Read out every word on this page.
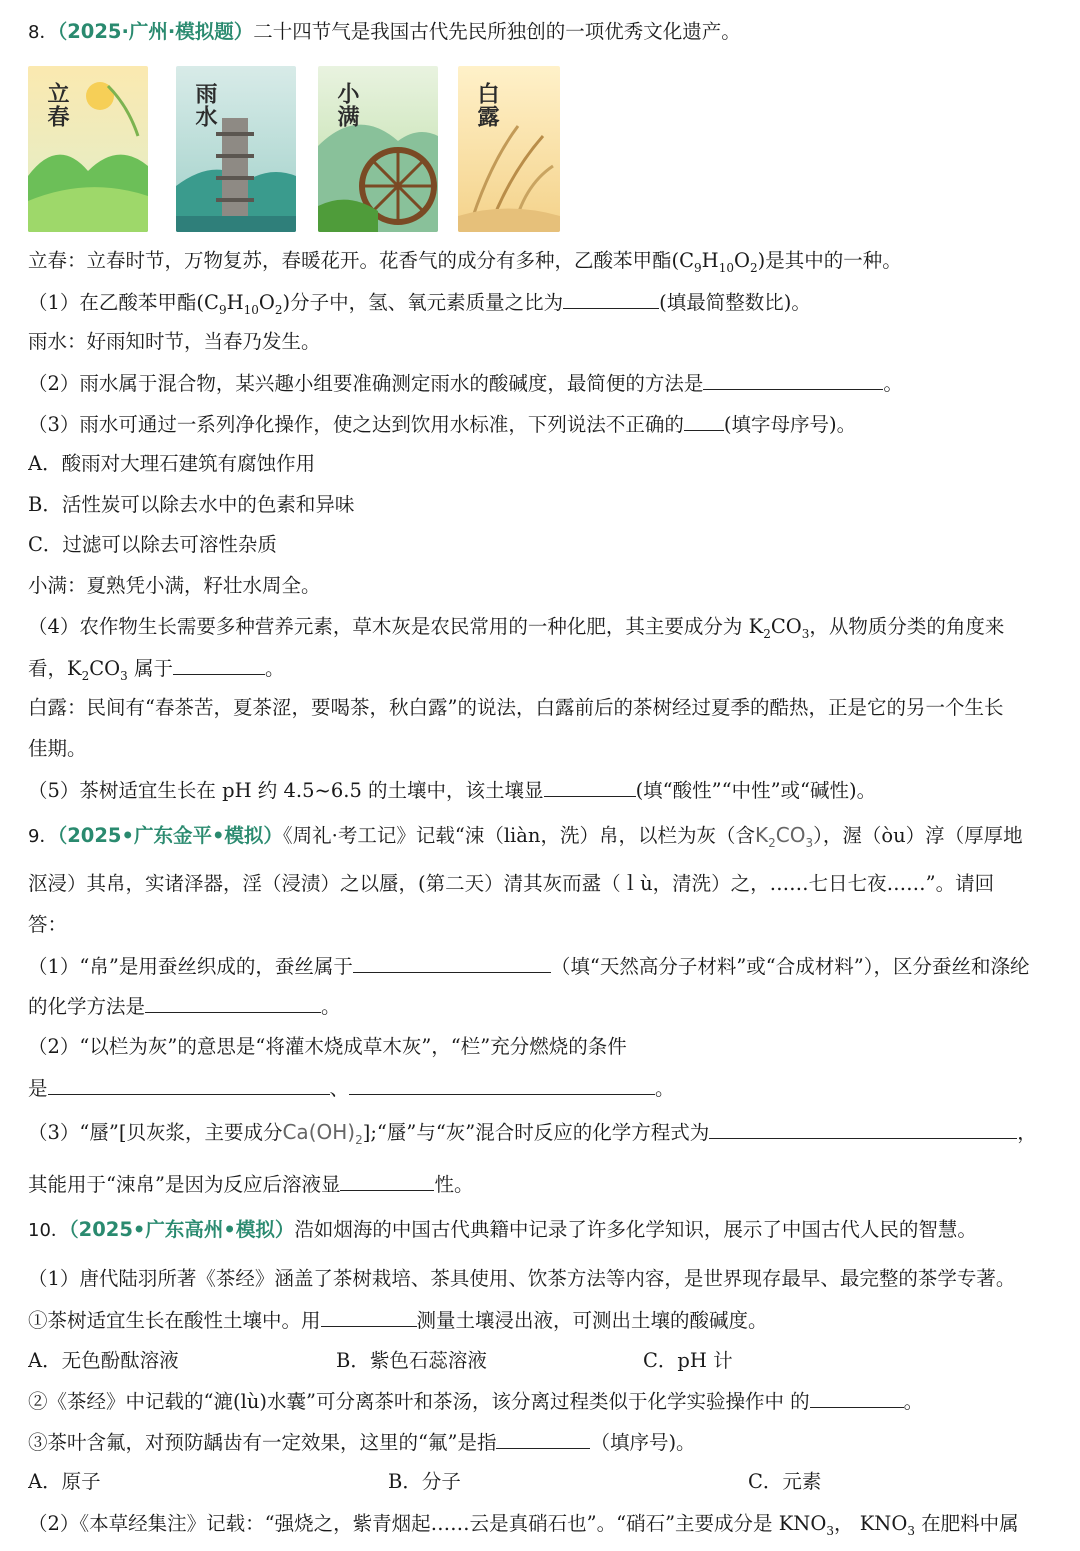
8．（2025·广州·模拟题）二十四节气是我国古代先民所独创的一项优秀文化遗产。
立春	雨水	小满	白露
立春：立春时节，万物复苏，春暖花开。花香气的成分有多种，乙酸苯甲酯$(C_9H_{10}O_2)$是其中的一种。
（1）在乙酸苯甲酯$(C_9H_{10}O_2)$分子中，氢、氧元素质量之比为	(填最简整数比)。
雨水：好雨知时节，当春乃发生。
（2）雨水属于混合物，某兴趣小组要准确测定雨水的酸碱度，最简便的方法是	。
（3）雨水可通过一系列净化操作，使之达到饮用水标准，下列说法不正确的 (填字母序号)。
A．酸雨对大理石建筑有腐蚀作用
B．活性炭可以除去水中的色素和异味
C．过滤可以除去可溶性杂质
小满：夏熟凭小满，籽壮水周全。
（4）农作物生长需要多种营养元素，草木灰是农民常用的一种化肥，其主要成分为 $K_2CO_3$，从物质分类的角度来
看，$K_2CO_3$ 属于	。
白露：民间有“春茶苦，夏茶涩，要喝茶，秋白露”的说法，白露前后的茶树经过夏季的酷热，正是它的另一个生长
佳期。
（5）茶树适宜生长在 pH 约 4.5~6.5 的土壤中，该土壤显	(填“酸性”“中性”或“碱性)。
9．（2025•广东金平•模拟）《周礼·考工记》记载“涑（liàn，洗）帛，以栏为灰（含$K_2CO_3$），渥（òu）淳（厚厚地
沤浸）其帛，实诸泽器，淫（浸渍）之以蜃，(第二天）清其灰而盝（ｌù，清洗）之，……七日七夜……”。请回
答：
（1）“帛”是用蚕丝织成的，蚕丝属于	（填“天然高分子材料”或“合成材料”），区分蚕丝和涤纶
的化学方法是	。
（2）“以栏为灰”的意思是“将灌木烧成草木灰”，“栏”充分燃烧的条件
是	、	。
（3）“蜃”[贝灰浆，主要成分$Ca(OH)_2];“$蜃”与“灰”混合时反应的化学方程式为	，
其能用于“涑帛”是因为反应后溶液显	性。
10．（2025•广东高州•模拟）浩如烟海的中国古代典籍中记录了许多化学知识，展示了中国古代人民的智慧。
（1）唐代陆羽所著《茶经》涵盖了茶树栽培、茶具使用、饮茶方法等内容，是世界现存最早、最完整的茶学专著。
①茶树适宜生长在酸性土壤中。用	测量土壤浸出液，可测出土壤的酸碱度。
A．无色酚酞溶液	B．紫色石蕊溶液	C．pH 计
②《茶经》中记载的“漉(lù)水囊”可分离茶叶和茶汤，该分离过程类似于化学实验操作中 的	。
③茶叶含氟，对预防龋齿有一定效果，这里的“氟”是指	（填序号)。
A．原子	B．分子	C．元素
（2）《本草经集注》记载：“强烧之，紫青烟起……云是真硝石也”。“硝石”主要成分是 $KNO_3$， $KNO_3$ 在肥料中属
